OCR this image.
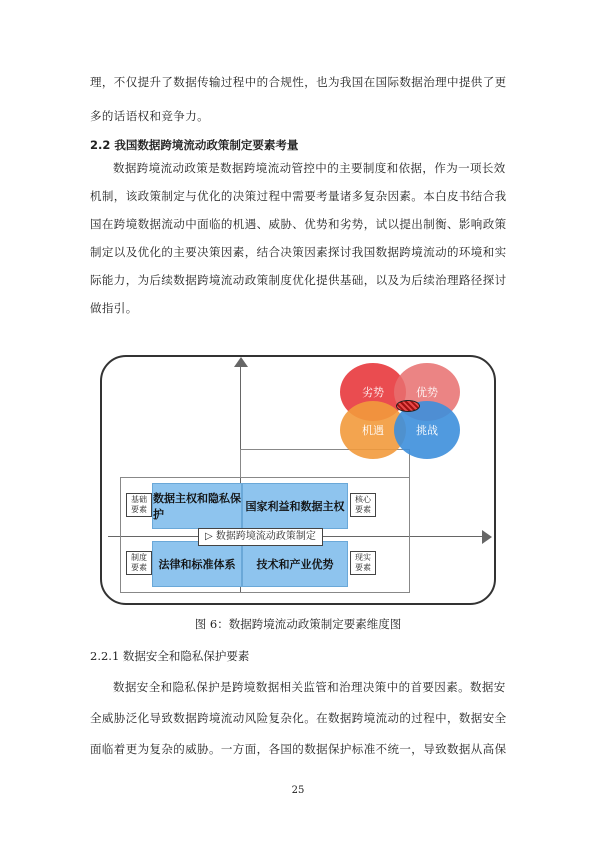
理，不仅提升了数据传输过程中的合规性，也为我国在国际数据治理中提供了更
多的话语权和竞争力。
2.2 我国数据跨境流动政策制定要素考量
数据跨境流动政策是数据跨境流动管控中的主要制度和依据，作为一项长效
机制，该政策制定与优化的决策过程中需要考量诸多复杂因素。本白皮书结合我
国在跨境数据流动中面临的机遇、威胁、优势和劣势，试以提出制衡、影响政策
制定以及优化的主要决策因素，结合决策因素探讨我国数据跨境流动的环境和实
际能力，为后续数据跨境流动政策制度优化提供基础，以及为后续治理路径探讨
做指引。
劣势	优势
机遇	挑战
数据主权和隐私保护
国家利益和数据主权
法律和标准体系	技术和产业优势
基础要素
核心要素
制度要素
现实要素
▷ 数据跨境流动政策制定
图 6：数据跨境流动政策制定要素维度图
2.2.1 数据安全和隐私保护要素
数据安全和隐私保护是跨境数据相关监管和治理决策中的首要因素。数据安
全威胁泛化导致数据跨境流动风险复杂化。在数据跨境流动的过程中，数据安全
面临着更为复杂的威胁。一方面，各国的数据保护标准不统一，导致数据从高保
25
